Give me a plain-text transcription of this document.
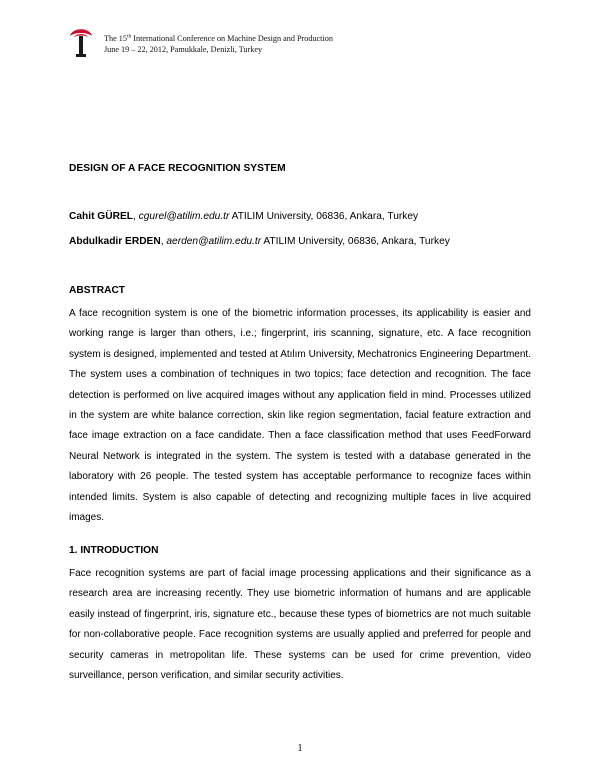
The 15th International Conference on Machine Design and Production
June 19 – 22, 2012, Pamukkale, Denizli, Turkey
DESIGN OF A FACE RECOGNITION SYSTEM
Cahit GÜREL, cgurel@atilim.edu.tr ATILIM University, 06836, Ankara, Turkey
Abdulkadir ERDEN, aerden@atilim.edu.tr ATILIM University, 06836, Ankara, Turkey
ABSTRACT
A face recognition system is one of the biometric information processes, its applicability is easier and working range is larger than others, i.e.; fingerprint, iris scanning, signature, etc. A face recognition system is designed, implemented and tested at Atılım University, Mechatronics Engineering Department. The system uses a combination of techniques in two topics; face detection and recognition. The face detection is performed on live acquired images without any application field in mind. Processes utilized in the system are white balance correction, skin like region segmentation, facial feature extraction and face image extraction on a face candidate. Then a face classification method that uses FeedForward Neural Network is integrated in the system. The system is tested with a database generated in the laboratory with 26 people. The tested system has acceptable performance to recognize faces within intended limits. System is also capable of detecting and recognizing multiple faces in live acquired images.
1. INTRODUCTION
Face recognition systems are part of facial image processing applications and their significance as a research area are increasing recently. They use biometric information of humans and are applicable easily instead of fingerprint, iris, signature etc., because these types of biometrics are not much suitable for non-collaborative people. Face recognition systems are usually applied and preferred for people and security cameras in metropolitan life. These systems can be used for crime prevention, video surveillance, person verification, and similar security activities.
1
